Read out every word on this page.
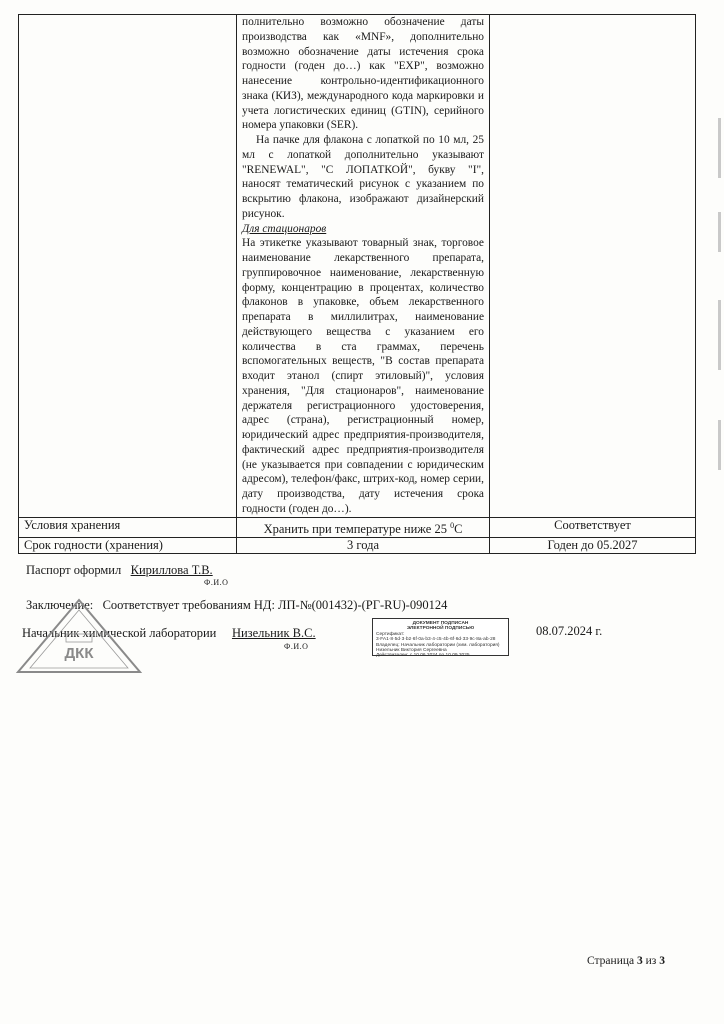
	полнительно возможно обозначение даты производства как «MNF», дополнительно возможно обозначение даты истечения срока годности (годен до…) как "EXP", возможно нанесение контрольно-идентификационного знака (КИЗ), международного кода маркировки и учета логистических единиц (GTIN), серийного номера упаковки (SER).

На пачке для флакона с лопаткой по 10 мл, 25 мл с лопаткой дополнительно указывают "RENEWAL", "С ЛОПАТКОЙ", букву "I", наносят тематический рисунок с указанием по вскрытию флакона, изображают дизайнерский рисунок.

Для стационаров

На этикетке указывают товарный знак, торговое наименование лекарственного препарата, группировочное наименование, лекарственную форму, концентрацию в процентах, количество флаконов в упаковке, объем лекарственного препарата в миллилитрах, наименование действующего вещества с указанием его количества в ста граммах, перечень вспомогательных веществ, "В состав препарата входит этанол (спирт этиловый)", условия хранения, "Для стационаров", наименование держателя регистрационного удостоверения, адрес (страна), регистрационный номер, юридический адрес предприятия-производителя, фактический адрес предприятия-производителя (не указывается при совпадении с юридическим адресом), телефон/факс, штрих-код, номер серии, дату производства, дату истечения срока годности (годен до…).	

Условия хранения	Хранить при температуре ниже 25 $^0$С	Соответствует
Срок годности (хранения)	3 года	Годен до 05.2027
Паспорт оформил Кириллова Т.В.
Ф.И.О
Заключение: Соответствует требованиям НД: ЛП-№(001432)-(РГ-RU)-090124
Начальник химической лаборатории Низельник В.С.
Ф.И.О
08.07.2024 г.
ДКК
ДОКУМЕНТ ПОДПИСАН
ЭЛЕКТРОННОЙ ПОДПИСЬЮ
Сертификат: 3·FA1·8·5d·3·b2·6f·0a·b3·4·c5·4b·6f·6d·33·9c·8a·ab·28
Владелец: Начальник лаборатории (хим. лаборатория)
Низельник Виктория Сергеевна
Действителен: с 10.06.2024 по 10.09.2025
Страница 3 из 3
